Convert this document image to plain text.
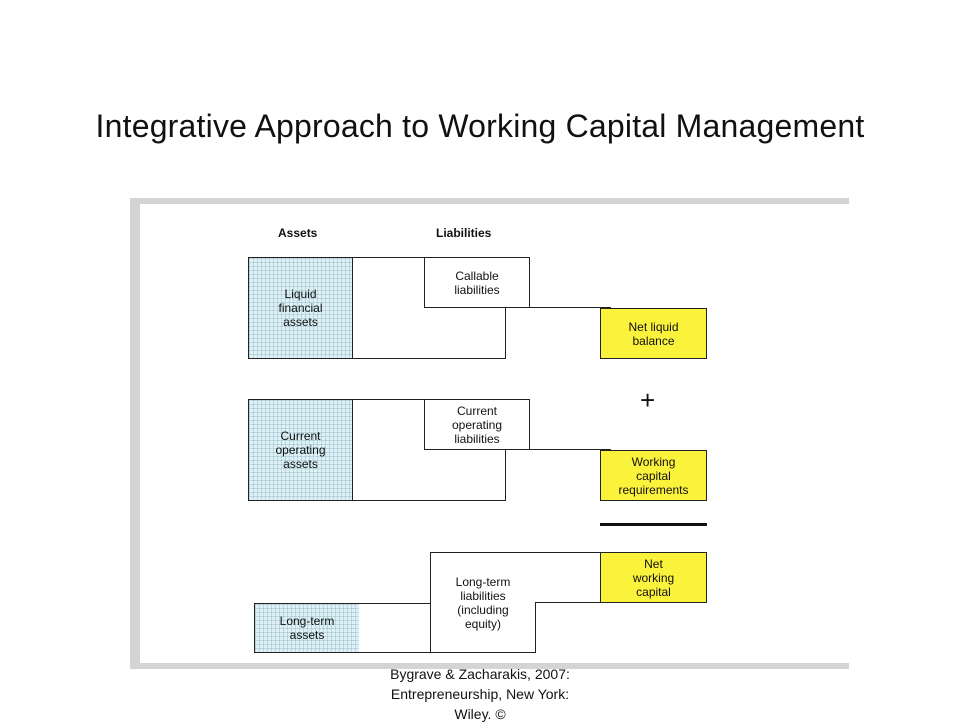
Integrative Approach to Working Capital Management
Assets	Liabilities
Liquid
financial
assets
Callable
liabilities
Net liquid
balance
+
Current
operating
assets
Current
operating
liabilities
Working
capital
requirements
Long-term
assets
Long-term
liabilities
(including
equity)
Net
working
capital
Bygrave & Zacharakis, 2007:
Entrepreneurship, New York:
Wiley. ©
